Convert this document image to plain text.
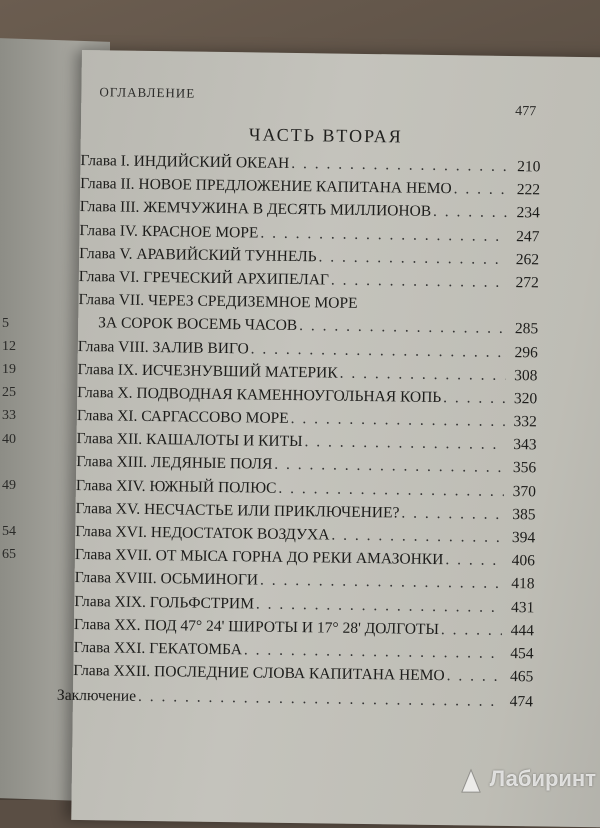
5
12
19
25
33
40
49
54
65
ОГЛАВЛЕНИЕ
477
ЧАСТЬ ВТОРАЯ
Глава I. ИНДИЙСКИЙ ОКЕАН . . .	210
Глава II. НОВОЕ ПРЕДЛОЖЕНИЕ КАПИТАНА НЕМО . . .	222
Глава III. ЖЕМЧУЖИНА В ДЕСЯТЬ МИЛЛИОНОВ . . .	234
Глава IV. КРАСНОЕ МОРЕ . . .	247
Глава V. АРАВИЙСКИЙ ТУННЕЛЬ . . .	262
Глава VI. ГРЕЧЕСКИЙ АРХИПЕЛАГ . . .	272
Глава VII. ЧЕРЕЗ СРЕДИЗЕМНОЕ МОРЕ
ЗА СОРОК ВОСЕМЬ ЧАСОВ . . .	285
Глава VIII. ЗАЛИВ ВИГО . . .	296
Глава IX. ИСЧЕЗНУВШИЙ МАТЕРИК . . .	308
Глава X. ПОДВОДНАЯ КАМЕННОУГОЛЬНАЯ КОПЬ . . .	320
Глава XI. САРГАССОВО МОРЕ . . .	332
Глава XII. КАШАЛОТЫ И КИТЫ . . .	343
Глава XIII. ЛЕДЯНЫЕ ПОЛЯ . . .	356
Глава XIV. ЮЖНЫЙ ПОЛЮС . . .	370
Глава XV. НЕСЧАСТЬЕ ИЛИ ПРИКЛЮЧЕНИЕ? . . .	385
Глава XVI. НЕДОСТАТОК ВОЗДУХА . . .	394
Глава XVII. ОТ МЫСА ГОРНА ДО РЕКИ АМАЗОНКИ . . .	406
Глава XVIII. ОСЬМИНОГИ . . .	418
Глава XIX. ГОЛЬФСТРИМ . . .	431
Глава XX. ПОД 47° 24' ШИРОТЫ И 17° 28' ДОЛГОТЫ . . .	444
Глава XXI. ГЕКАТОМБА . . .	454
Глава XXII. ПОСЛЕДНИЕ СЛОВА КАПИТАНА НЕМО . . .	465
Заключение . . .	474
Лабиринт
